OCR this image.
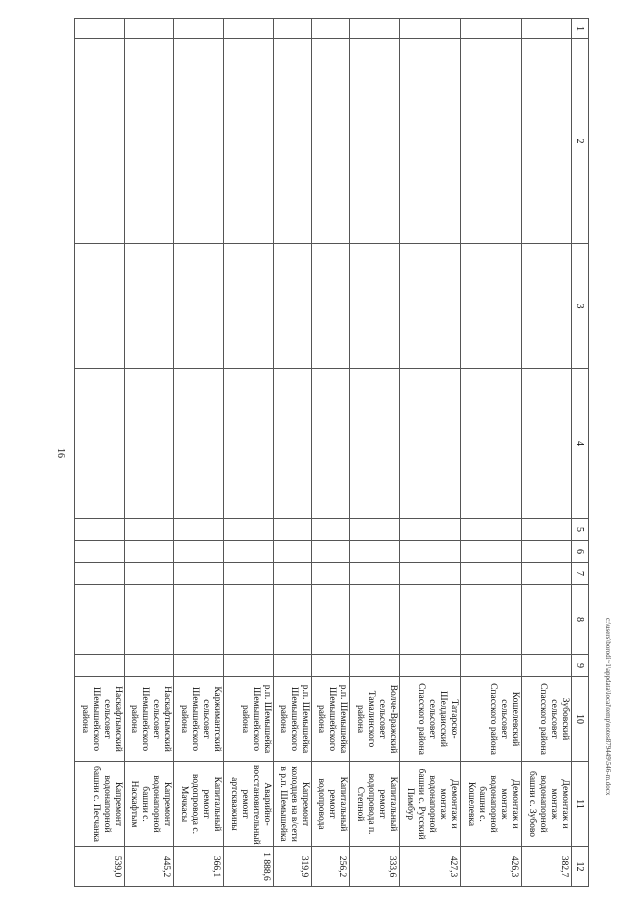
16
1	2	3	4	5	6	7	8	9	10	11	12
									Зубовский сельсовет Спасского района	Демонтаж и монтаж водонапорной башни с. Зубово	382,7
									Кошелевский сельсовет Спасского района	Демонтаж и монтаж водонапорной башни с. Кошелевка	426,3
									Татарско-Шелдаисский сельсовет Спасского района	Демонтаж и монтаж водонапорной башни с. Русский Пимбур	427,3
									Волче-Вражский сельсовет Тамалинского района	Капитальный ремонт водопровода п. Степной	333,6
									р.п. Шемышейка Шемышейского района	Капитальный ремонт водопровода	256,2
									р.п. Шемышейка Шемышейского района	Капремонт колодцев на в/сети в р.п. Шемышейка	319,9
									р.п. Шемышейка Шемышейского района	Аварийно-восстановительный ремонт артскважины	1 888,6
									Каржимантский сельсовет Шемышейского района	Капитальный ремонт водопровода с. Мачкасы	366,1
									Наскафтымский сельсовет Шемышейского района	Капремонт водонапорной башни с. Наскафтым	445,2
									Наскафтымский сельсовет Шемышейского района	Капремонт водонапорной башни с. Песчанка	539,0
c:\users\borodi~1\appdata\local\temp\notes879449\546-m.docx
